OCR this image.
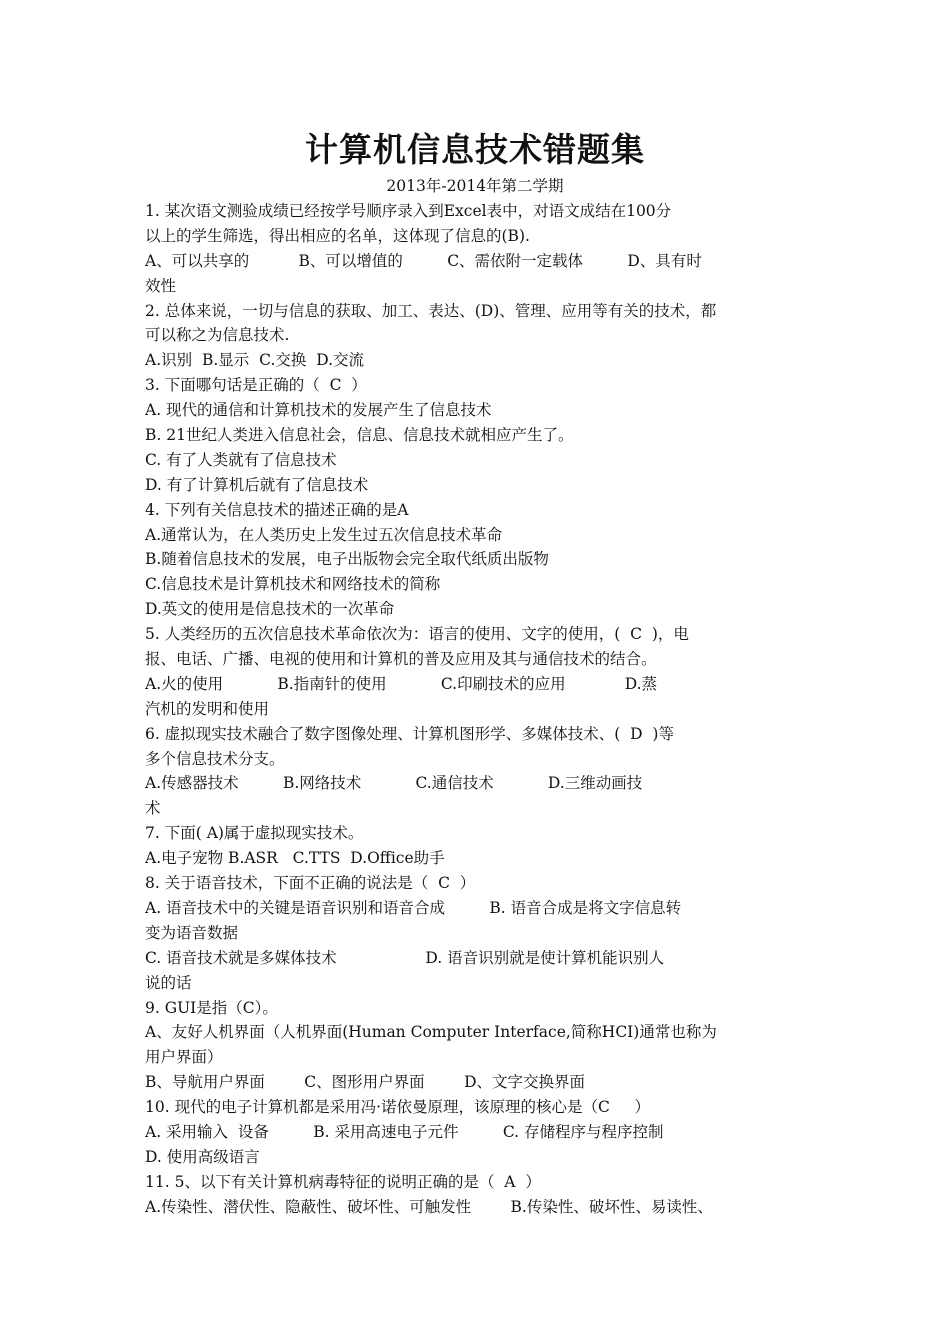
计算机信息技术错题集
2013年-2014年第二学期
1. 某次语文测验成绩已经按学号顺序录入到Excel表中，对语文成结在100分
以上的学生筛选，得出相应的名单，这体现了信息的(B).
A、可以共享的          B、可以增值的         C、需依附一定载体         D、具有时
效性
2. 总体来说，一切与信息的获取、加工、表达、(D)、管理、应用等有关的技术，都
可以称之为信息技术.
A.识别  B.显示  C.交换  D.交流
3. 下面哪句话是正确的（  C  ）
A. 现代的通信和计算机技术的发展产生了信息技术
B. 21世纪人类进入信息社会，信息、信息技术就相应产生了。
C. 有了人类就有了信息技术
D. 有了计算机后就有了信息技术
4. 下列有关信息技术的描述正确的是A
A.通常认为，在人类历史上发生过五次信息技术革命
B.随着信息技术的发展，电子出版物会完全取代纸质出版物
C.信息技术是计算机技术和网络技术的简称
D.英文的使用是信息技术的一次革命
5. 人类经历的五次信息技术革命依次为：语言的使用、文字的使用，(  C  )，电
报、电话、广播、电视的使用和计算机的普及应用及其与通信技术的结合。
A.火的使用           B.指南针的使用           C.印刷技术的应用            D.蒸
汽机的发明和使用
6. 虚拟现实技术融合了数字图像处理、计算机图形学、多媒体技术、(  D  )等
多个信息技术分支。
A.传感器技术         B.网络技术           C.通信技术           D.三维动画技
术
7. 下面( A)属于虚拟现实技术。
A.电子宠物 B.ASR   C.TTS  D.Office助手
8. 关于语音技术，下面不正确的说法是（  C  ）
A. 语音技术中的关键是语音识别和语音合成         B. 语音合成是将文字信息转
变为语音数据
C. 语音技术就是多媒体技术                  D. 语音识别就是使计算机能识别人
说的话
9. GUI是指（C）。
A、友好人机界面（人机界面(Human Computer Interface,简称HCI)通常也称为
用户界面）
B、导航用户界面        C、图形用户界面        D、文字交换界面
10. 现代的电子计算机都是采用冯·诺依曼原理，该原理的核心是（C     ）
A. 采用输入  设备         B. 采用高速电子元件         C. 存储程序与程序控制
D. 使用高级语言
11. 5、以下有关计算机病毒特征的说明正确的是（  A  ）
A.传染性、潜伏性、隐蔽性、破坏性、可触发性        B.传染性、破坏性、易读性、
